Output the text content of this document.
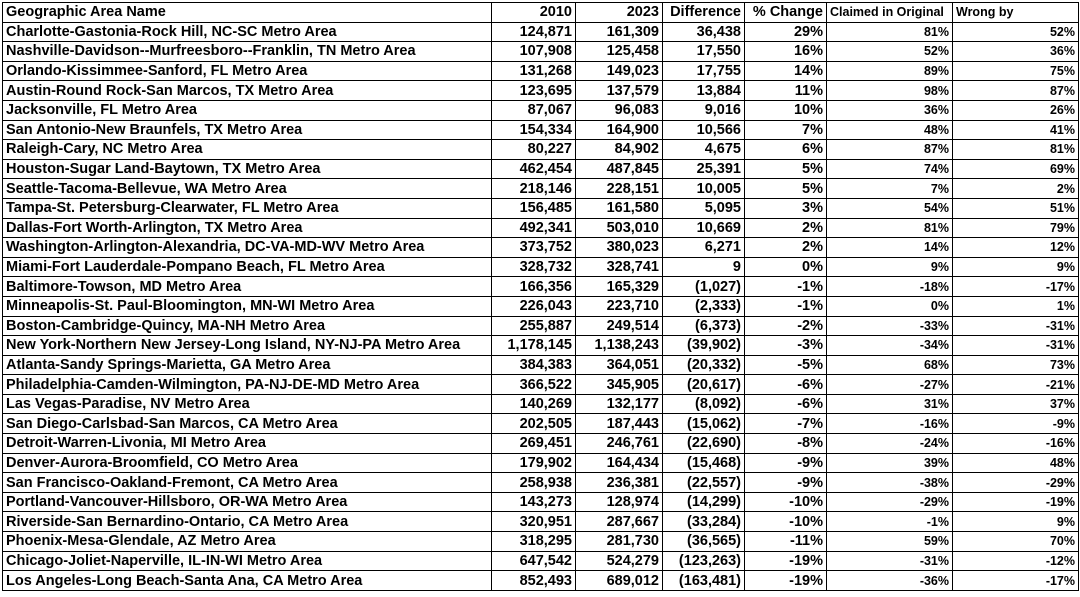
Geographic Area Name	2010	2023	Difference	% Change	Claimed in Original	Wrong by
Charlotte-Gastonia-Rock Hill, NC-SC Metro Area	124,871	161,309	36,438	29%	81%	52%
Nashville-Davidson--Murfreesboro--Franklin, TN Metro Area	107,908	125,458	17,550	16%	52%	36%
Orlando-Kissimmee-Sanford, FL Metro Area	131,268	149,023	17,755	14%	89%	75%
Austin-Round Rock-San Marcos, TX Metro Area	123,695	137,579	13,884	11%	98%	87%
Jacksonville, FL Metro Area	87,067	96,083	9,016	10%	36%	26%
San Antonio-New Braunfels, TX Metro Area	154,334	164,900	10,566	7%	48%	41%
Raleigh-Cary, NC Metro Area	80,227	84,902	4,675	6%	87%	81%
Houston-Sugar Land-Baytown, TX Metro Area	462,454	487,845	25,391	5%	74%	69%
Seattle-Tacoma-Bellevue, WA Metro Area	218,146	228,151	10,005	5%	7%	2%
Tampa-St. Petersburg-Clearwater, FL Metro Area	156,485	161,580	5,095	3%	54%	51%
Dallas-Fort Worth-Arlington, TX Metro Area	492,341	503,010	10,669	2%	81%	79%
Washington-Arlington-Alexandria, DC-VA-MD-WV Metro Area	373,752	380,023	6,271	2%	14%	12%
Miami-Fort Lauderdale-Pompano Beach, FL Metro Area	328,732	328,741	9	0%	9%	9%
Baltimore-Towson, MD Metro Area	166,356	165,329	(1,027)	-1%	-18%	-17%
Minneapolis-St. Paul-Bloomington, MN-WI Metro Area	226,043	223,710	(2,333)	-1%	0%	1%
Boston-Cambridge-Quincy, MA-NH Metro Area	255,887	249,514	(6,373)	-2%	-33%	-31%
New York-Northern New Jersey-Long Island, NY-NJ-PA Metro Area	1,178,145	1,138,243	(39,902)	-3%	-34%	-31%
Atlanta-Sandy Springs-Marietta, GA Metro Area	384,383	364,051	(20,332)	-5%	68%	73%
Philadelphia-Camden-Wilmington, PA-NJ-DE-MD Metro Area	366,522	345,905	(20,617)	-6%	-27%	-21%
Las Vegas-Paradise, NV Metro Area	140,269	132,177	(8,092)	-6%	31%	37%
San Diego-Carlsbad-San Marcos, CA Metro Area	202,505	187,443	(15,062)	-7%	-16%	-9%
Detroit-Warren-Livonia, MI Metro Area	269,451	246,761	(22,690)	-8%	-24%	-16%
Denver-Aurora-Broomfield, CO Metro Area	179,902	164,434	(15,468)	-9%	39%	48%
San Francisco-Oakland-Fremont, CA Metro Area	258,938	236,381	(22,557)	-9%	-38%	-29%
Portland-Vancouver-Hillsboro, OR-WA Metro Area	143,273	128,974	(14,299)	-10%	-29%	-19%
Riverside-San Bernardino-Ontario, CA Metro Area	320,951	287,667	(33,284)	-10%	-1%	9%
Phoenix-Mesa-Glendale, AZ Metro Area	318,295	281,730	(36,565)	-11%	59%	70%
Chicago-Joliet-Naperville, IL-IN-WI Metro Area	647,542	524,279	(123,263)	-19%	-31%	-12%
Los Angeles-Long Beach-Santa Ana, CA Metro Area	852,493	689,012	(163,481)	-19%	-36%	-17%
